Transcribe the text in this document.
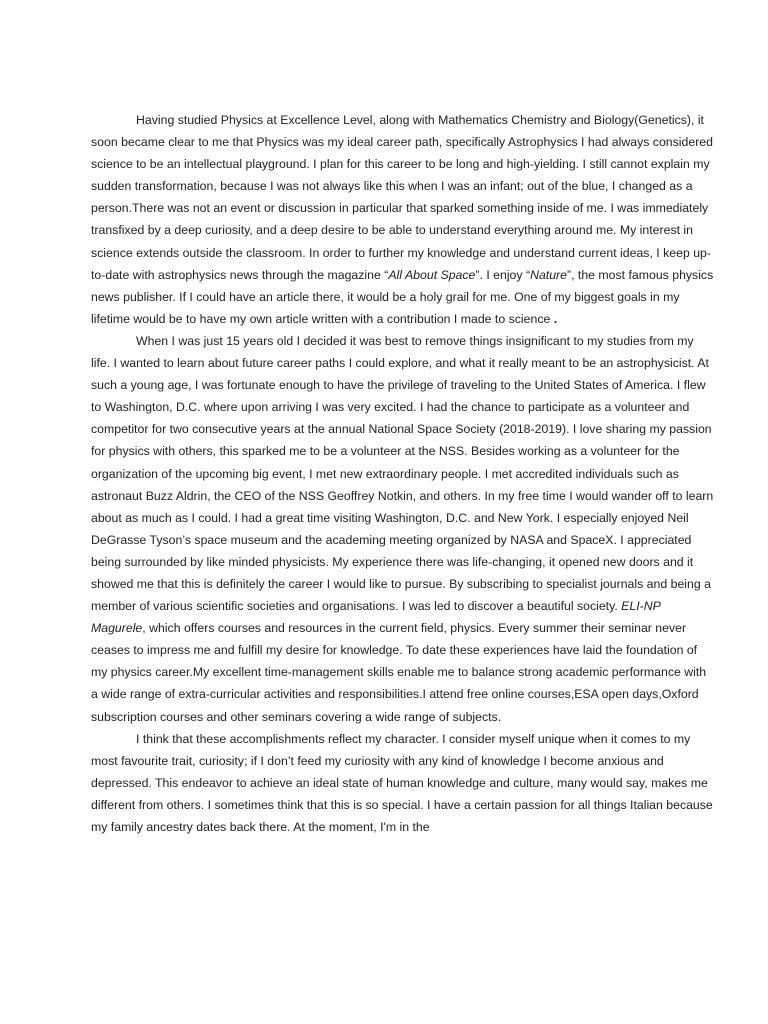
Having studied Physics at Excellence Level, along with Mathematics Chemistry and Biology(Genetics), it soon became clear to me that Physics was my ideal career path, specifically Astrophysics I had always considered science to be an intellectual playground. I plan for this career to be long and high-yielding. I still cannot explain my sudden transformation, because I was not always like this when I was an infant; out of the blue, I changed as a person.There was not an event or discussion in particular that sparked something inside of me. I was immediately transfixed by a deep curiosity, and a deep desire to be able to understand everything around me. My interest in science extends outside the classroom. In order to further my knowledge and understand current ideas, I keep up-to-date with astrophysics news through the magazine “All About Space”. I enjoy “Nature”, the most famous physics news publisher. If I could have an article there, it would be a holy grail for me. One of my biggest goals in my lifetime would be to have my own article written with a contribution I made to science .

When I was just 15 years old I decided it was best to remove things insignificant to my studies from my life. I wanted to learn about future career paths I could explore, and what it really meant to be an astrophysicist. At such a young age, I was fortunate enough to have the privilege of traveling to the United States of America. I flew to Washington, D.C. where upon arriving I was very excited. I had the chance to participate as a volunteer and competitor for two consecutive years at the annual National Space Society (2018-2019). I love sharing my passion for physics with others, this sparked me to be a volunteer at the NSS. Besides working as a volunteer for the organization of the upcoming big event, I met new extraordinary people. I met accredited individuals such as astronaut Buzz Aldrin, the CEO of the NSS Geoffrey Notkin, and others. In my free time I would wander off to learn about as much as I could. I had a great time visiting Washington, D.C. and New York. I especially enjoyed Neil DeGrasse Tyson’s space museum and the academing meeting organized by NASA and SpaceX. I appreciated being surrounded by like minded physicists. My experience there was life-changing, it opened new doors and it showed me that this is definitely the career I would like to pursue. By subscribing to specialist journals and being a member of various scientific societies and organisations. I was led to discover a beautiful society. ELI-NP Magurele, which offers courses and resources in the current field, physics. Every summer their seminar never ceases to impress me and fulfill my desire for knowledge. To date these experiences have laid the foundation of my physics career.My excellent time-management skills enable me to balance strong academic performance with a wide range of extra-curricular activities and responsibilities.I attend free online courses,ESA open days,Oxford subscription courses and other seminars covering a wide range of subjects.

I think that these accomplishments reflect my character. I consider myself unique when it comes to my most favourite trait, curiosity; if I don’t feed my curiosity with any kind of knowledge I become anxious and depressed. This endeavor to achieve an ideal state of human knowledge and culture, many would say, makes me different from others. I sometimes think that this is so special. I have a certain passion for all things Italian because my family ancestry dates back there. At the moment, I'm in the
